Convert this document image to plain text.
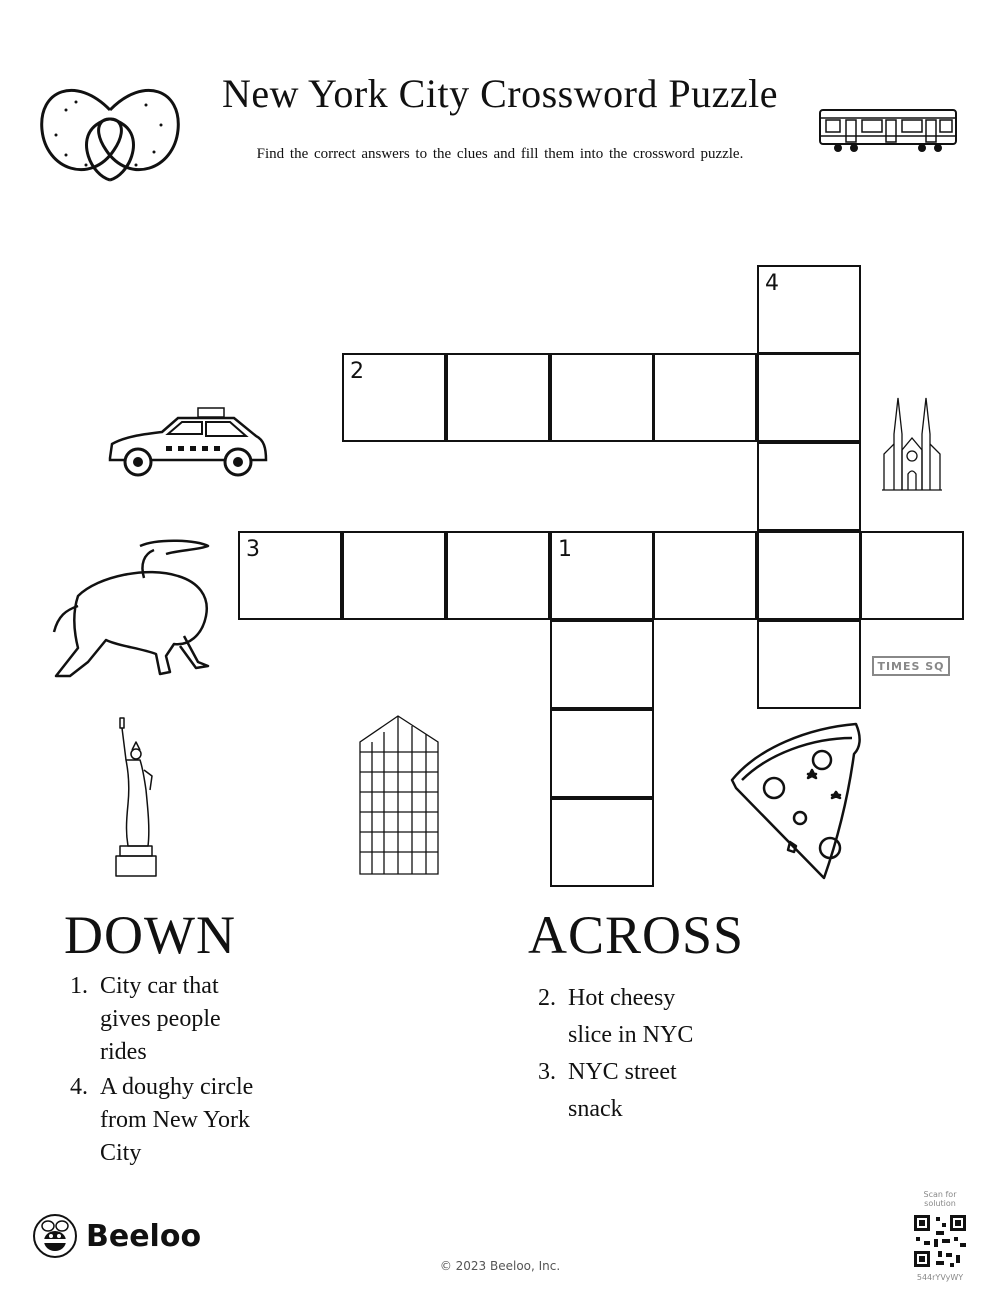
New York City Crossword Puzzle
Find the correct answers to the clues and fill them into the crossword puzzle.
TIMES SQ
4
2
3	1
DOWN
1. City car that gives people rides
4. A doughy circle from New York City
ACROSS
2. Hot cheesy slice in NYC
3. NYC street snack
Beeloo
© 2023 Beeloo, Inc.
Scan for solution
544rYVyWY
